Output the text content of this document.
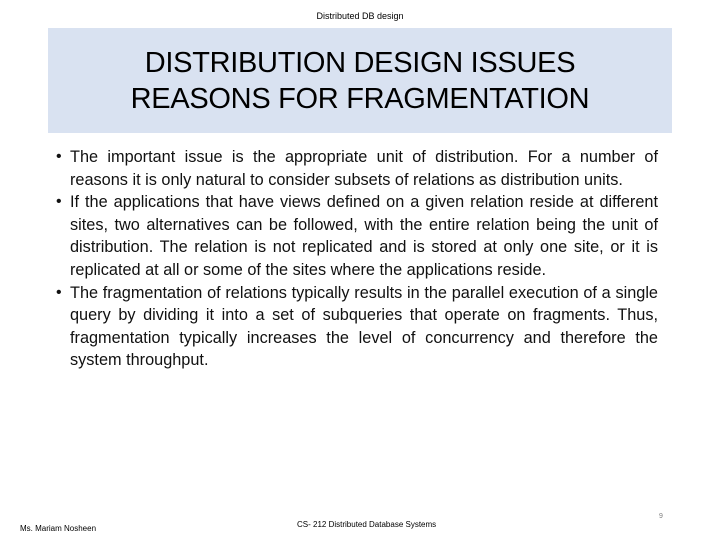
Distributed DB design
DISTRIBUTION DESIGN ISSUES
REASONS FOR FRAGMENTATION
• The important issue is the appropriate unit of distribution. For a number of reasons it is only natural to consider subsets of relations as distribution units.
• If the applications that have views defined on a given relation reside at different sites, two alternatives can be followed, with the entire relation being the unit of distribution. The relation is not replicated and is stored at only one site, or it is replicated at all or some of the sites where the applications reside.
• The fragmentation of relations typically results in the parallel execution of a single query by dividing it into a set of subqueries that operate on fragments. Thus, fragmentation typically increases the level of concurrency and therefore the system throughput.
Ms. Mariam Nosheen	CS- 212 Distributed Database Systems
9
